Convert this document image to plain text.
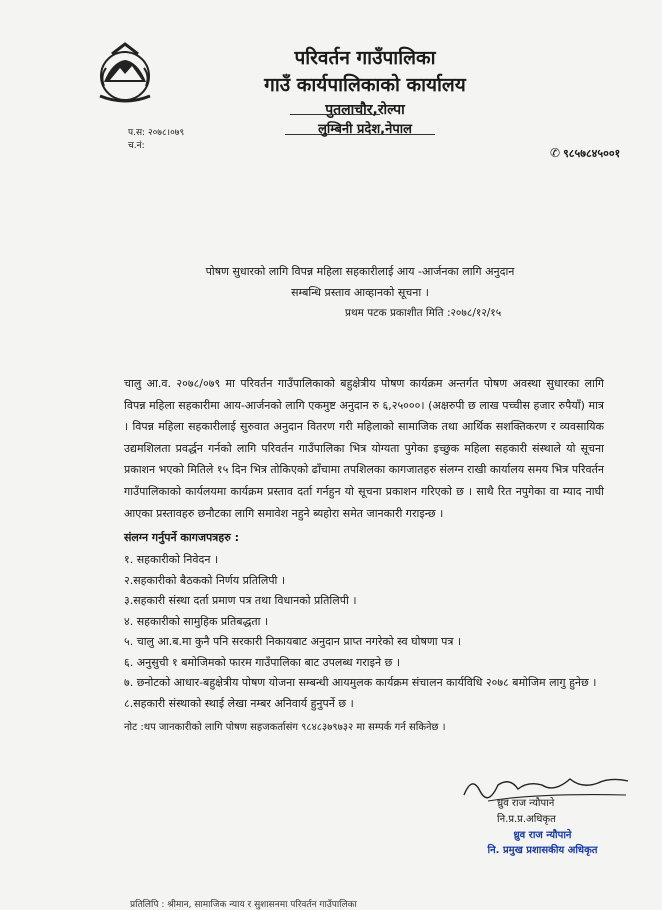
परिवर्तन गाउँपालिका
गाउँ कार्यपालिकाको कार्यालय
पुतलाचौर,रोल्पा
लुम्बिनी प्रदेश,नेपाल
प.स: २०७८।०७९
च.नं:	✆ ९८५७८४५००१
पोषण सुधारको लागि विपन्न महिला सहकारीलाई आय -आर्जनका लागि अनुदान
सम्बन्धि प्रस्ताव आव्हानको सूचना ।
प्रथम पटक प्रकाशीत मिति :२०७८/१२/१५
चालु आ.व. २०७८/०७९ मा परिवर्तन गाउँपालिकाको बहुक्षेत्रीय पोषण कार्यक्रम अन्तर्गत पोषण अवस्था सुधारका लागि विपन्न महिला सहकारीमा आय-आर्जनको लागि एकमुष्ट अनुदान रु ६,२५०००। (अक्षरुपी छ लाख पच्चीस हजार रुपैयाँ) मात्र । विपन्न महिला सहकारीलाई सुरुवात अनुदान वितरण गरी महिलाको सामाजिक तथा आर्थिक सशक्तिकरण र व्यवसायिक उद्यमशिलता प्रवर्द्धन गर्नको लागि परिवर्तन गाउँपालिका भित्र योग्यता पुगेका इच्छुक महिला सहकारी संस्थाले यो सूचना प्रकाशन भएको मितिले १५ दिन भित्र तोकिएको ढाँचामा तपशिलका कागजातहरु संलग्न राखी कार्यालय समय भित्र परिवर्तन गाउँपालिकाको कार्यलयमा कार्यक्रम प्रस्ताव दर्ता गर्नहुन यो सूचना प्रकाशन गरिएको छ । साथै रित नपुगेका वा म्याद नाघी आएका प्रस्तावहरु छनौटका लागि समावेश नहुने ब्यहोरा समेत जानकारी गराइन्छ ।
संलग्न गर्नुपर्ने कागजपत्रहरु :
१. सहकारीको निवेदन ।
२.सहकारीको बैठकको निर्णय प्रतिलिपी ।
३.सहकारी संस्था दर्ता प्रमाण पत्र तथा विधानको प्रतिलिपी ।
४. सहकारीको सामुहिक प्रतिबद्धता ।
५. चालु आ.ब.मा कुनै पनि सरकारी निकायबाट अनुदान प्राप्त नगरेको स्व घोषणा पत्र ।
६. अनुसुची १ बमोजिमको फारम गाउँपालिका बाट उपलब्ध गराइने छ ।
७. छनोटको आधार-बहुक्षेत्रीय पोषण योजना सम्बन्धी आयमुलक कार्यक्रम संचालन कार्यविधि २०७८ बमोजिम लागु हुनेछ ।
८.सहकारी संस्थाको स्थाई लेखा नम्बर अनिवार्य हुनुपर्ने छ ।
नोट :थप जानकारीको लागि पोषण सहजकर्तासंग ९८४८३७९७३२ मा सम्पर्क गर्न सकिनेछ ।
ध्रुव राज न्यौपाने
नि.प्र.प्र.अधिकृत
ध्रुव राज न्यौपाने
नि. प्रमुख प्रशासकीय अधिकृत
प्रतिलिपि : श्रीमान, सामाजिक न्याय र सुशासनमा परिवर्तन गाउँपालिका
